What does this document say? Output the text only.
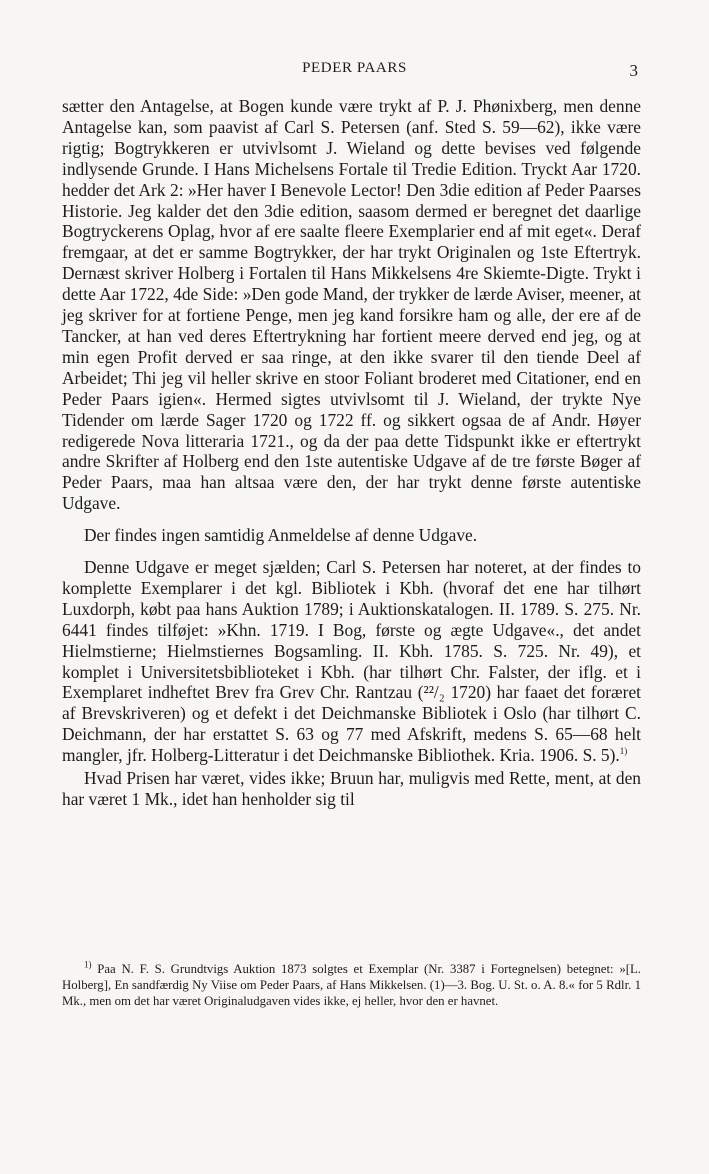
PEDER PAARS	3

sætter den Antagelse, at Bogen kunde være trykt af P. J. Phønixberg, men denne Antagelse kan, som paavist af Carl S. Petersen (anf. Sted S. 59—62), ikke være rigtig; Bogtrykkeren er utvivlsomt J. Wieland og dette bevises ved følgende indlysende Grunde. I Hans Michelsens Fortale til Tredie Edition. Tryckt Aar 1720. hedder det Ark 2: »Her haver I Benevole Lector! Den 3die edition af Peder Paarses Historie. Jeg kalder det den 3die edition, saasom dermed er beregnet det daarlige Bogtryckerens Oplag, hvor af ere saalte fleere Exemplarier end af mit eget«. Deraf fremgaar, at det er samme Bogtrykker, der har trykt Originalen og 1ste Eftertryk. Dernæst skriver Holberg i Fortalen til Hans Mikkelsens 4re Skiemte-Digte. Trykt i dette Aar 1722, 4de Side: »Den gode Mand, der trykker de lærde Aviser, meener, at jeg skriver for at fortiene Penge, men jeg kand forsikre ham og alle, der ere af de Tancker, at han ved deres Eftertrykning har fortient meere derved end jeg, og at min egen Profit derved er saa ringe, at den ikke svarer til den tiende Deel af Arbeidet; Thi jeg vil heller skrive en stoor Foliant broderet med Citationer, end en Peder Paars igien«. Hermed sigtes utvivlsomt til J. Wieland, der trykte Nye Tidender om lærde Sager 1720 og 1722 ff. og sikkert ogsaa de af Andr. Høyer redigerede Nova litteraria 1721., og da der paa dette Tidspunkt ikke er eftertrykt andre Skrifter af Holberg end den 1ste autentiske Udgave af de tre første Bøger af Peder Paars, maa han altsaa være den, der har trykt denne første autentiske Udgave.

Der findes ingen samtidig Anmeldelse af denne Udgave.

Denne Udgave er meget sjælden; Carl S. Petersen har noteret, at der findes to komplette Exemplarer i det kgl. Bibliotek i Kbh. (hvoraf det ene har tilhørt Luxdorph, købt paa hans Auktion 1789; i Auktionskatalogen. II. 1789. S. 275. Nr. 6441 findes tilføjet: »Khn. 1719. I Bog, første og ægte Udgave«., det andet Hielmstierne; Hielmstiernes Bogsamling. II. Kbh. 1785. S. 725. Nr. 49), et komplet i Universitetsbiblioteket i Kbh. (har tilhørt Chr. Falster, der iflg. et i Exemplaret indheftet Brev fra Grev Chr. Rantzau (²²/₂ 1720) har faaet det foræret af Brevskriveren) og et defekt i det Deichmanske Bibliotek i Oslo (har tilhørt C. Deichmann, der har erstattet S. 63 og 77 med Afskrift, medens S. 65—68 helt mangler, jfr. Holberg-Litteratur i det Deichmanske Bibliothek. Kria. 1906. S. 5).$^{1)}$

Hvad Prisen har været, vides ikke; Bruun har, muligvis med Rette, ment, at den har været 1 Mk., idet han henholder sig til

$^{1)}$ Paa N. F. S. Grundtvigs Auktion 1873 solgtes et Exemplar (Nr. 3387 i Fortegnelsen) betegnet: »[L. Holberg], En sandfærdig Ny Viise om Peder Paars, af Hans Mikkelsen. (1)—3. Bog. U. St. o. A. 8.« for 5 Rdlr. 1 Mk., men om det har været Originaludgaven vides ikke, ej heller, hvor den er havnet.
